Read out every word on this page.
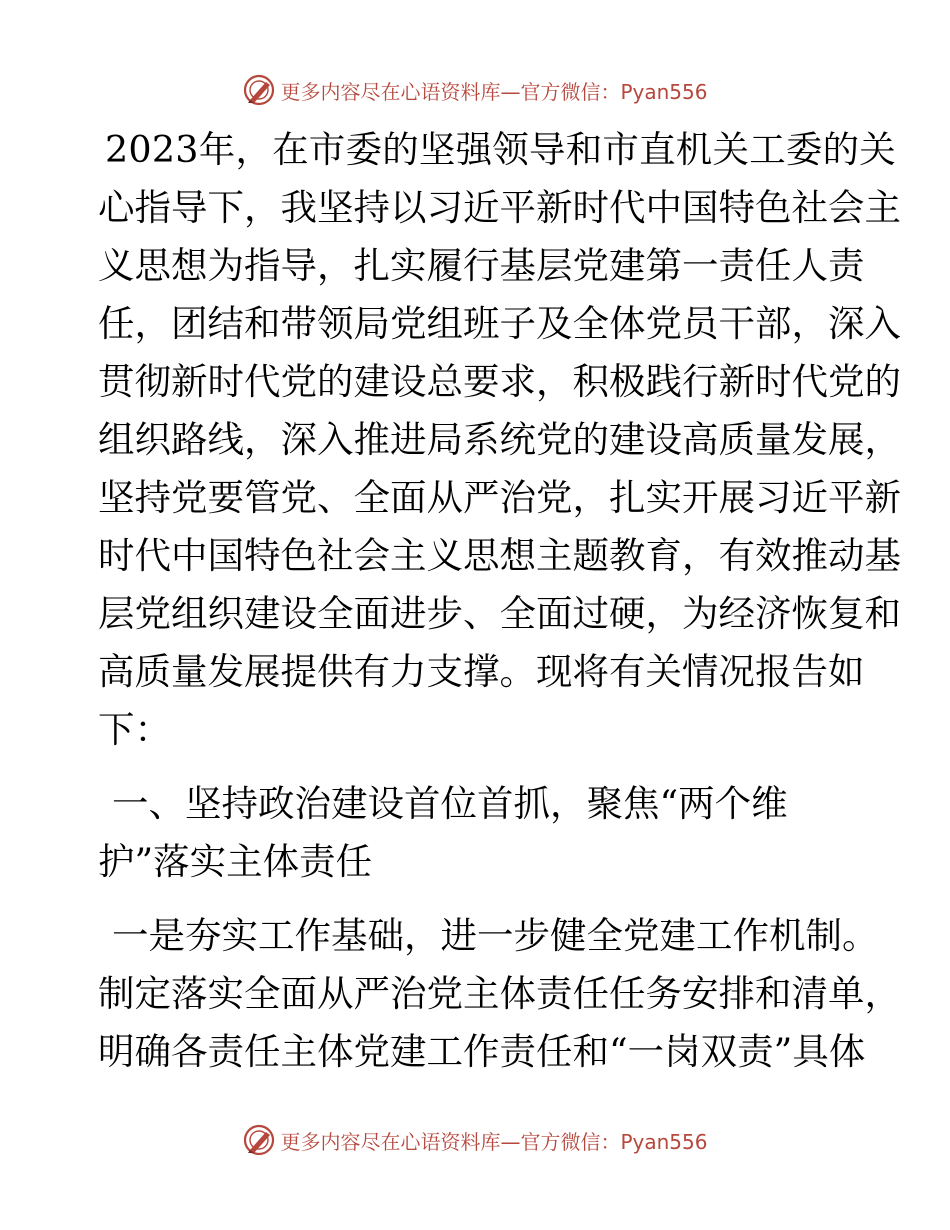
更多内容尽在心语资料库—官方微信：Pyan556
2023年，在市委的坚强领导和市直机关工委的关
心指导下，我坚持以习近平新时代中国特色社会主
义思想为指导，扎实履行基层党建第一责任人责
任，团结和带领局党组班子及全体党员干部，深入
贯彻新时代党的建设总要求，积极践行新时代党的
组织路线，深入推进局系统党的建设高质量发展，
坚持党要管党、全面从严治党，扎实开展习近平新
时代中国特色社会主义思想主题教育，有效推动基
层党组织建设全面进步、全面过硬，为经济恢复和
高质量发展提供有力支撑。现将有关情况报告如
下：
一、坚持政治建设首位首抓，聚焦“两个维
护”落实主体责任
一是夯实工作基础，进一步健全党建工作机制。
制定落实全面从严治党主体责任任务安排和清单，
明确各责任主体党建工作责任和“一岗双责”具体
更多内容尽在心语资料库—官方微信：Pyan556
